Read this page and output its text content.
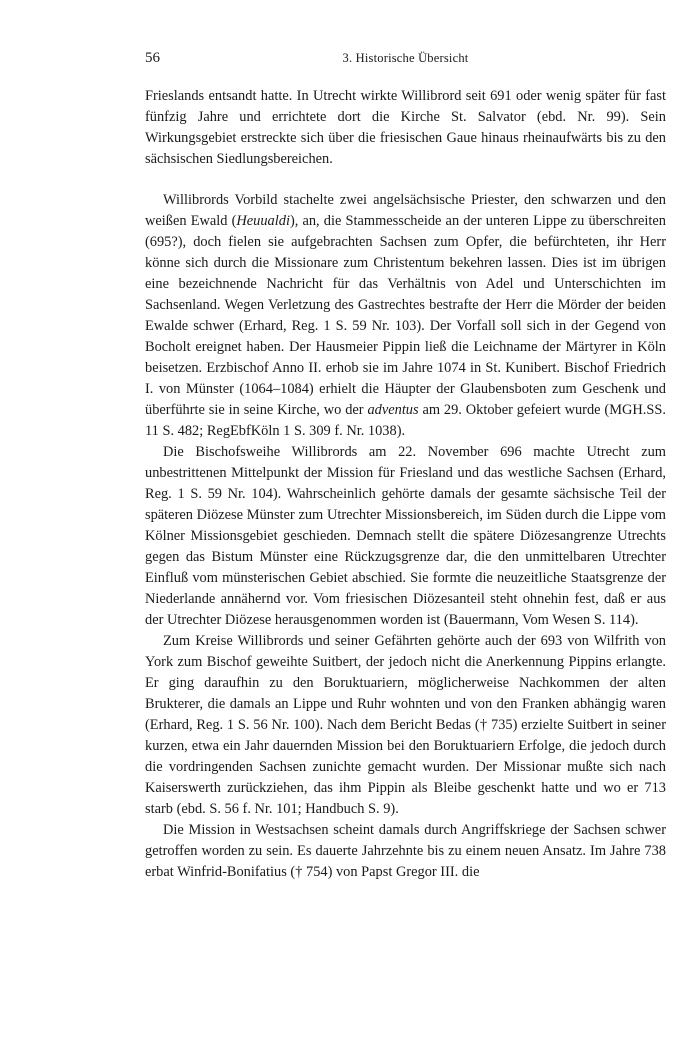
56	3. Historische Übersicht

Frieslands entsandt hatte. In Utrecht wirkte Willibrord seit 691 oder wenig später für fast fünfzig Jahre und errichtete dort die Kirche St. Salvator (ebd. Nr. 99). Sein Wirkungsgebiet erstreckte sich über die friesischen Gaue hinaus rheinaufwärts bis zu den sächsischen Siedlungsbereichen.

Willibrords Vorbild stachelte zwei angelsächsische Priester, den schwarzen und den weißen Ewald (Heuualdi), an, die Stammesscheide an der unteren Lippe zu überschreiten (695?), doch fielen sie aufgebrachten Sachsen zum Opfer, die befürchteten, ihr Herr könne sich durch die Missionare zum Christentum bekehren lassen. Dies ist im übrigen eine bezeichnende Nachricht für das Verhältnis von Adel und Unterschichten im Sachsenland. Wegen Verletzung des Gastrechtes bestrafte der Herr die Mörder der beiden Ewalde schwer (Erhard, Reg. 1 S. 59 Nr. 103). Der Vorfall soll sich in der Gegend von Bocholt ereignet haben. Der Hausmeier Pippin ließ die Leichname der Märtyrer in Köln beisetzen. Erzbischof Anno II. erhob sie im Jahre 1074 in St. Kunibert. Bischof Friedrich I. von Münster (1064–1084) erhielt die Häupter der Glaubensboten zum Geschenk und überführte sie in seine Kirche, wo der adventus am 29. Oktober gefeiert wurde (MGH.SS. 11 S. 482; RegEbfKöln 1 S. 309 f. Nr. 1038).

Die Bischofsweihe Willibrords am 22. November 696 machte Utrecht zum unbestrittenen Mittelpunkt der Mission für Friesland und das westliche Sachsen (Erhard, Reg. 1 S. 59 Nr. 104). Wahrscheinlich gehörte damals der gesamte sächsische Teil der späteren Diözese Münster zum Utrechter Missionsbereich, im Süden durch die Lippe vom Kölner Missionsgebiet geschieden. Demnach stellt die spätere Diözesangrenze Utrechts gegen das Bistum Münster eine Rückzugsgrenze dar, die den unmittelbaren Utrechter Einfluß vom münsterischen Gebiet abschied. Sie formte die neuzeitliche Staatsgrenze der Niederlande annähernd vor. Vom friesischen Diözesanteil steht ohnehin fest, daß er aus der Utrechter Diözese herausgenommen worden ist (Bauermann, Vom Wesen S. 114).

Zum Kreise Willibrords und seiner Gefährten gehörte auch der 693 von Wilfrith von York zum Bischof geweihte Suitbert, der jedoch nicht die Anerkennung Pippins erlangte. Er ging daraufhin zu den Boruktuariern, möglicherweise Nachkommen der alten Brukterer, die damals an Lippe und Ruhr wohnten und von den Franken abhängig waren (Erhard, Reg. 1 S. 56 Nr. 100). Nach dem Bericht Bedas († 735) erzielte Suitbert in seiner kurzen, etwa ein Jahr dauernden Mission bei den Boruktuariern Erfolge, die jedoch durch die vordringenden Sachsen zunichte gemacht wurden. Der Missionar mußte sich nach Kaiserswerth zurückziehen, das ihm Pippin als Bleibe geschenkt hatte und wo er 713 starb (ebd. S. 56 f. Nr. 101; Handbuch S. 9).

Die Mission in Westsachsen scheint damals durch Angriffskriege der Sachsen schwer getroffen worden zu sein. Es dauerte Jahrzehnte bis zu einem neuen Ansatz. Im Jahre 738 erbat Winfrid-Bonifatius († 754) von Papst Gregor III. die
